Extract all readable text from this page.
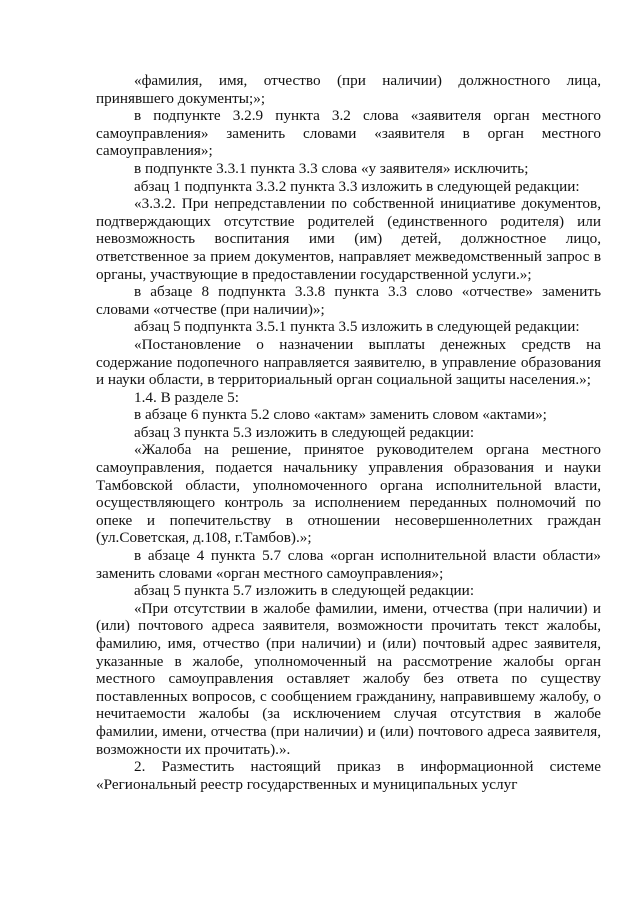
«фамилия, имя, отчество (при наличии) должностного лица, принявшего документы;»;

в подпункте 3.2.9 пункта 3.2 слова «заявителя орган местного самоуправления» заменить словами «заявителя в орган местного самоуправления»;

в подпункте 3.3.1 пункта 3.3 слова «у заявителя» исключить;

абзац 1 подпункта 3.3.2 пункта 3.3 изложить в следующей редакции:

«3.3.2. При непредставлении по собственной инициативе документов, подтверждающих отсутствие родителей (единственного родителя) или невозможность воспитания ими (им) детей, должностное лицо, ответственное за прием документов, направляет межведомственный запрос в органы, участвующие в предоставлении государственной услуги.»;

в абзаце 8 подпункта 3.3.8 пункта 3.3 слово «отчестве» заменить словами «отчестве (при наличии)»;

абзац 5 подпункта 3.5.1 пункта 3.5 изложить в следующей редакции:

«Постановление о назначении выплаты денежных средств на содержание подопечного направляется заявителю, в управление образования и науки области, в территориальный орган социальной защиты населения.»;

1.4. В разделе 5:

в абзаце 6 пункта 5.2 слово «актам» заменить словом «актами»;

абзац 3 пункта 5.3 изложить в следующей редакции:

«Жалоба на решение, принятое руководителем органа местного самоуправления, подается начальнику управления образования и науки Тамбовской области, уполномоченного органа исполнительной власти, осуществляющего контроль за исполнением переданных полномочий по опеке и попечительству в отношении несовершеннолетних граждан (ул.Советская, д.108, г.Тамбов).»;

в абзаце 4 пункта 5.7 слова «орган исполнительной власти области» заменить словами «орган местного самоуправления»;

абзац 5 пункта 5.7 изложить в следующей редакции:

«При отсутствии в жалобе фамилии, имени, отчества (при наличии) и (или) почтового адреса заявителя, возможности прочитать текст жалобы, фамилию, имя, отчество (при наличии) и (или) почтовый адрес заявителя, указанные в жалобе, уполномоченный на рассмотрение жалобы орган местного самоуправления оставляет жалобу без ответа по существу поставленных вопросов, с сообщением гражданину, направившему жалобу, о нечитаемости жалобы (за исключением случая отсутствия в жалобе фамилии, имени, отчества (при наличии) и (или) почтового адреса заявителя, возможности их прочитать).».

2. Разместить настоящий приказ в информационной системе «Региональный реестр государственных и муниципальных услуг
